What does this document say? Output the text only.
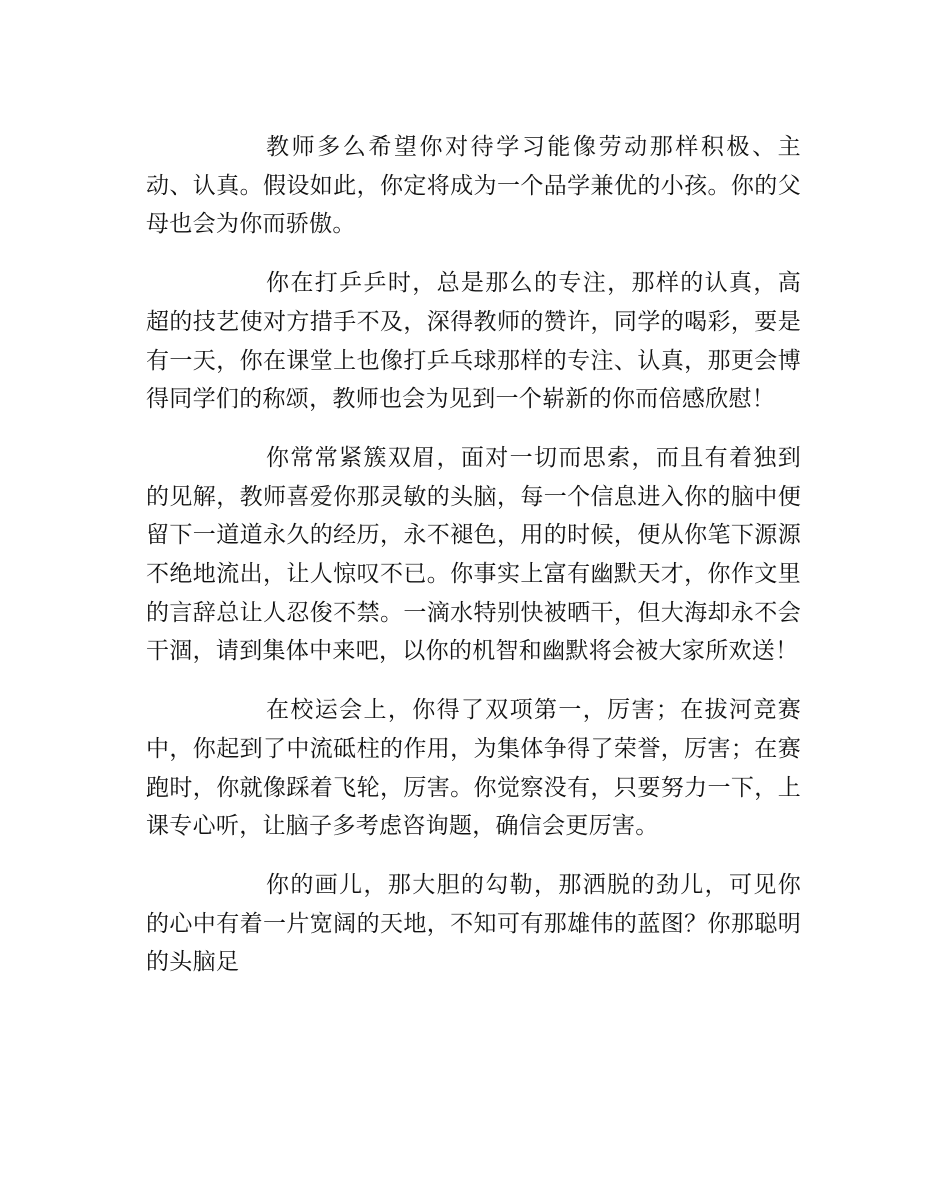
教师多么希望你对待学习能像劳动那样积极、主动、认真。假设如此，你定将成为一个品学兼优的小孩。你的父母也会为你而骄傲。

你在打乒乒时，总是那么的专注，那样的认真，高超的技艺使对方措手不及，深得教师的赞许，同学的喝彩，要是有一天，你在课堂上也像打乒乓球那样的专注、认真，那更会博得同学们的称颂，教师也会为见到一个崭新的你而倍感欣慰！

你常常紧簇双眉，面对一切而思索，而且有着独到的见解，教师喜爱你那灵敏的头脑，每一个信息进入你的脑中便留下一道道永久的经历，永不褪色，用的时候，便从你笔下源源不绝地流出，让人惊叹不已。你事实上富有幽默天才，你作文里的言辞总让人忍俊不禁。一滴水特别快被晒干，但大海却永不会干涸，请到集体中来吧，以你的机智和幽默将会被大家所欢送！

在校运会上，你得了双项第一，厉害；在拔河竞赛中，你起到了中流砥柱的作用，为集体争得了荣誉，厉害；在赛跑时，你就像踩着飞轮，厉害。你觉察没有，只要努力一下，上课专心听，让脑子多考虑咨询题，确信会更厉害。

你的画儿，那大胆的勾勒，那洒脱的劲儿，可见你的心中有着一片宽阔的天地，不知可有那雄伟的蓝图？你那聪明的头脑足
